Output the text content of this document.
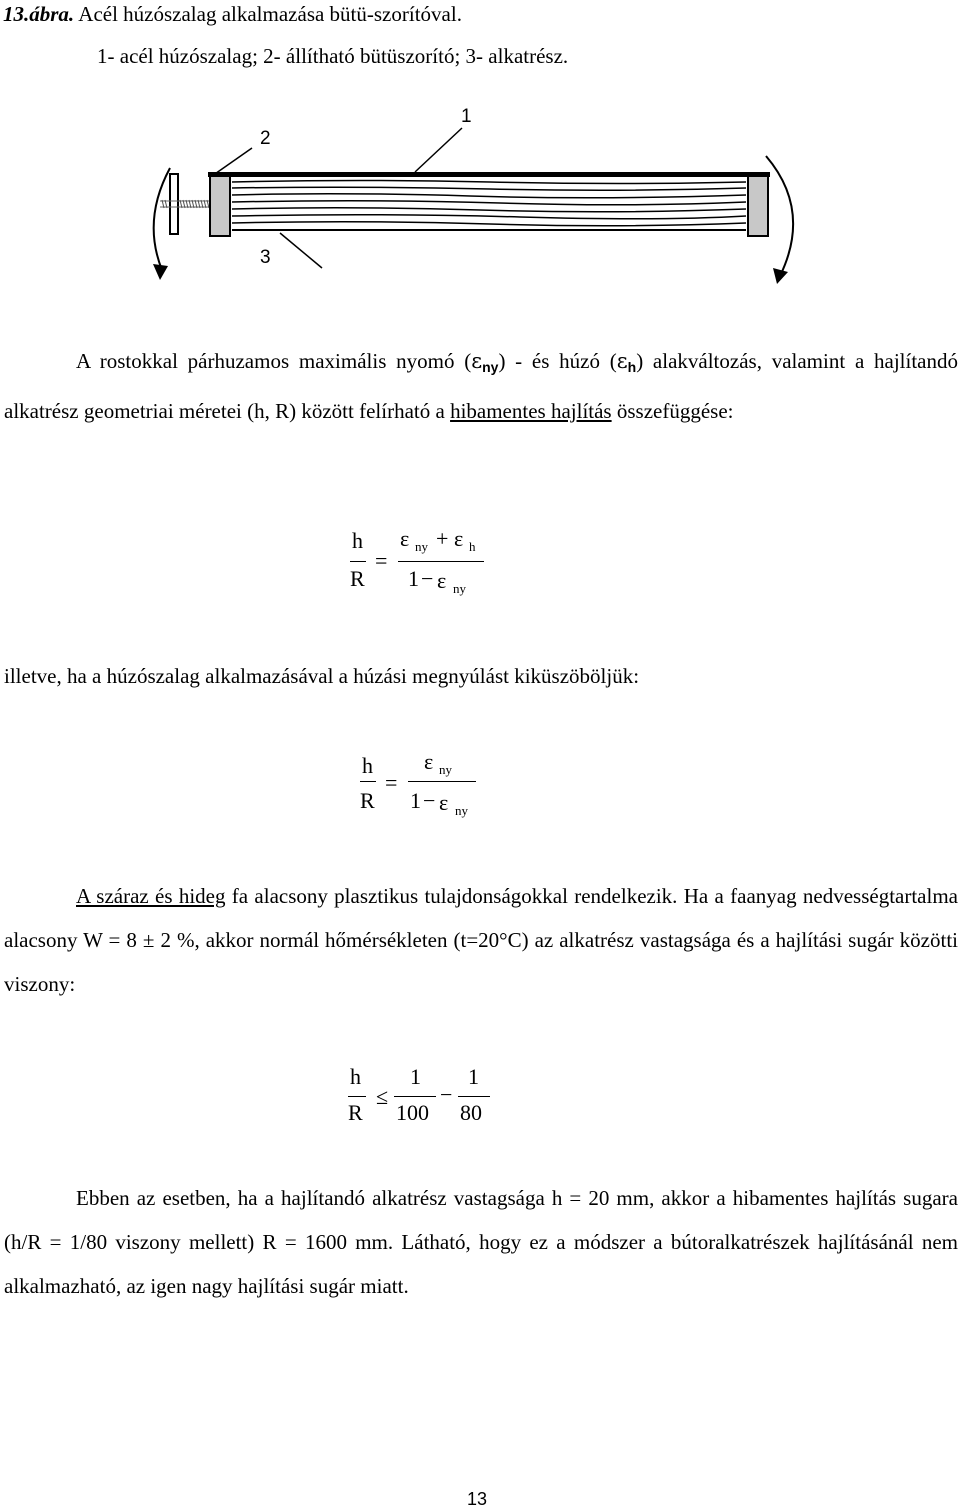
13.ábra. Acél húzószalag alkalmazása bütü-szorítóval.
1- acél húzószalag; 2- állítható bütüszorító; 3- alkatrész.
2
1
3

A rostokkal párhuzamos maximális nyomó $(\varepsilon_{ny})$ - és húzó $(\varepsilon_h)$ alakváltozás, valamint a hajlítandó alkatrész geometriai méretei (h, R) között felírható a hibamentes hajlítás összefüggése:

h
R
=
ε ny + ε h
1 − ε ny

illetve, ha a húzószalag alkalmazásával a húzási megnyúlást kiküszöböljük:

h
R
=
ε ny
1 − ε ny

A száraz és hideg fa alacsony plasztikus tulajdonságokkal rendelkezik. Ha a faanyag nedvességtartalma alacsony W = 8 ± 2 %, akkor normál hőmérsékleten (t=20°C) az alkatrész vastagsága és a hajlítási sugár közötti viszony:

h
R
≤
1
100
−
1
80

Ebben az esetben, ha a hajlítandó alkatrész vastagsága h = 20 mm, akkor a hibamentes hajlítás sugara (h/R = 1/80 viszony mellett) R = 1600 mm. Látható, hogy ez a módszer a bútoralkatrészek hajlításánál nem alkalmazható, az igen nagy hajlítási sugár miatt.

13
